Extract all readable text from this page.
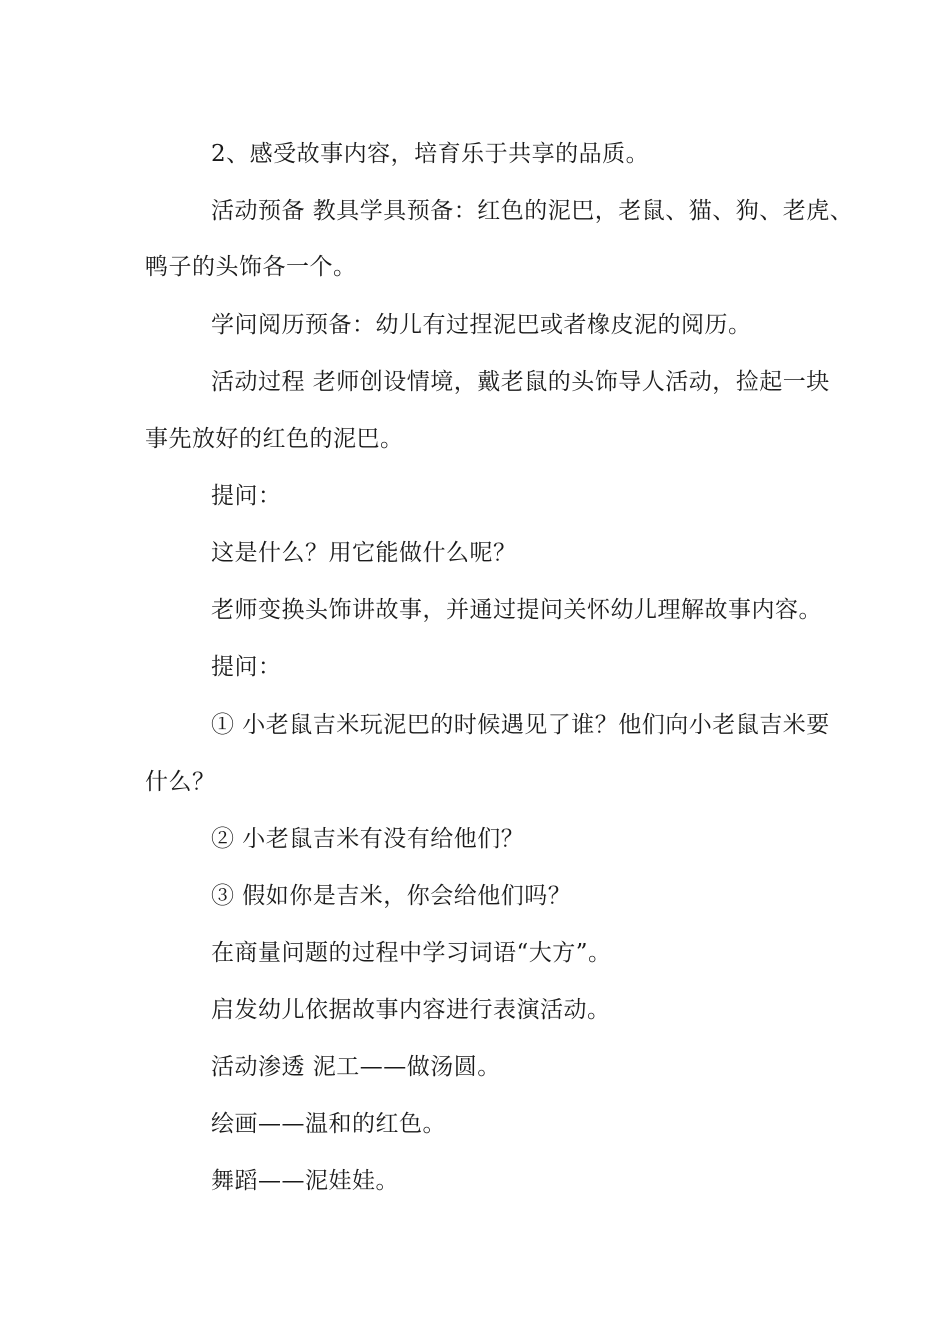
2、感受故事内容，培育乐于共享的品质。
活动预备 教具学具预备：红色的泥巴，老鼠、猫、狗、老虎、
鸭子的头饰各一个。
学问阅历预备：幼儿有过捏泥巴或者橡皮泥的阅历。
活动过程 老师创设情境，戴老鼠的头饰导人活动，捡起一块
事先放好的红色的泥巴。
提问：
这是什么？用它能做什么呢？
老师变换头饰讲故事，并通过提问关怀幼儿理解故事内容。
提问：
① 小老鼠吉米玩泥巴的时候遇见了谁？他们向小老鼠吉米要
什么？
② 小老鼠吉米有没有给他们？
③ 假如你是吉米，你会给他们吗？
在商量问题的过程中学习词语“大方”。
启发幼儿依据故事内容进行表演活动。
活动渗透 泥工——做汤圆。
绘画——温和的红色。
舞蹈——泥娃娃。
